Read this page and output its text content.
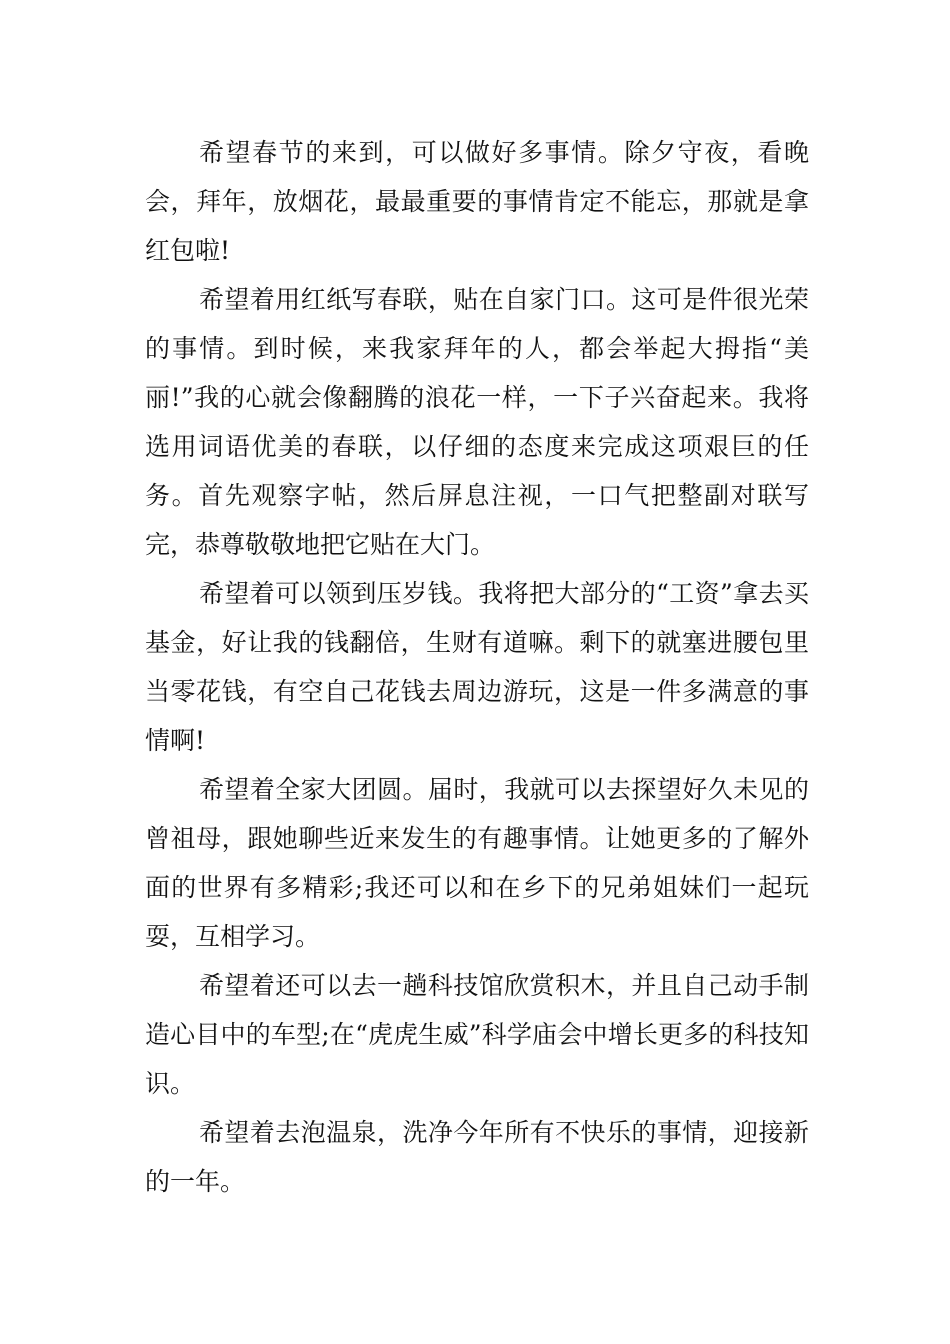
希望春节的来到，可以做好多事情。除夕守夜，看晚会，拜年，放烟花，最最重要的事情肯定不能忘，那就是拿红包啦!

希望着用红纸写春联，贴在自家门口。这可是件很光荣的事情。到时候，来我家拜年的人，都会举起大拇指“美丽!”我的心就会像翻腾的浪花一样，一下子兴奋起来。我将选用词语优美的春联，以仔细的态度来完成这项艰巨的任务。首先观察字帖，然后屏息注视，一口气把整副对联写完，恭尊敬敬地把它贴在大门。

希望着可以领到压岁钱。我将把大部分的“工资”拿去买基金，好让我的钱翻倍，生财有道嘛。剩下的就塞进腰包里当零花钱，有空自己花钱去周边游玩，这是一件多满意的事情啊!

希望着全家大团圆。届时，我就可以去探望好久未见的曾祖母，跟她聊些近来发生的有趣事情。让她更多的了解外面的世界有多精彩;我还可以和在乡下的兄弟姐妹们一起玩耍，互相学习。

希望着还可以去一趟科技馆欣赏积木，并且自己动手制造心目中的车型;在“虎虎生威”科学庙会中增长更多的科技知识。

希望着去泡温泉，洗净今年所有不快乐的事情，迎接新的一年。
